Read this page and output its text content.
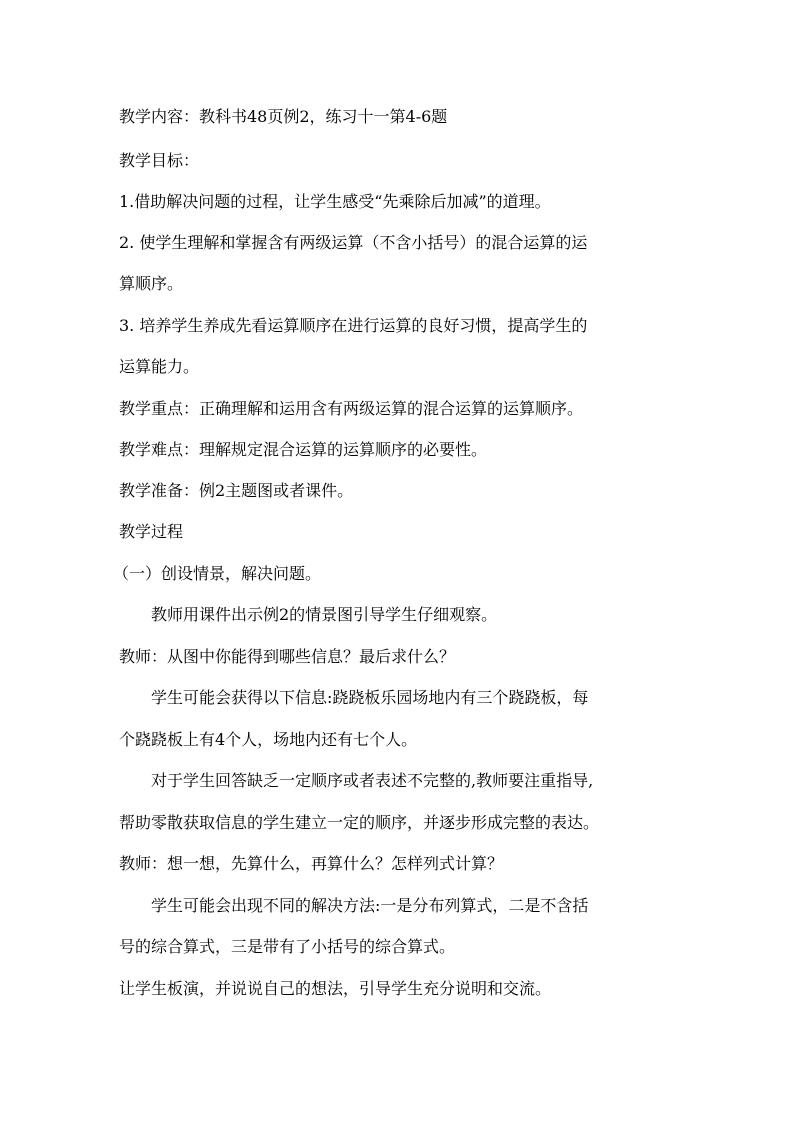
教学内容：教科书48页例2，练习十一第4-6题
教学目标：
1.借助解决问题的过程，让学生感受“先乘除后加减”的道理。
2. 使学生理解和掌握含有两级运算（不含小括号）的混合运算的运
算顺序。
3. 培养学生养成先看运算顺序在进行运算的良好习惯，提高学生的
运算能力。
教学重点：正确理解和运用含有两级运算的混合运算的运算顺序。
教学难点：理解规定混合运算的运算顺序的必要性。
教学准备：例2主题图或者课件。
教学过程
（一）创设情景，解决问题。
教师用课件出示例2的情景图引导学生仔细观察。
教师：从图中你能得到哪些信息？最后求什么？
学生可能会获得以下信息:跷跷板乐园场地内有三个跷跷板，每
个跷跷板上有4个人，场地内还有七个人。
对于学生回答缺乏一定顺序或者表述不完整的,教师要注重指导,
帮助零散获取信息的学生建立一定的顺序，并逐步形成完整的表达。
教师：想一想，先算什么，再算什么？怎样列式计算？
学生可能会出现不同的解决方法:一是分布列算式，二是不含括
号的综合算式，三是带有了小括号的综合算式。
让学生板演，并说说自己的想法，引导学生充分说明和交流。
